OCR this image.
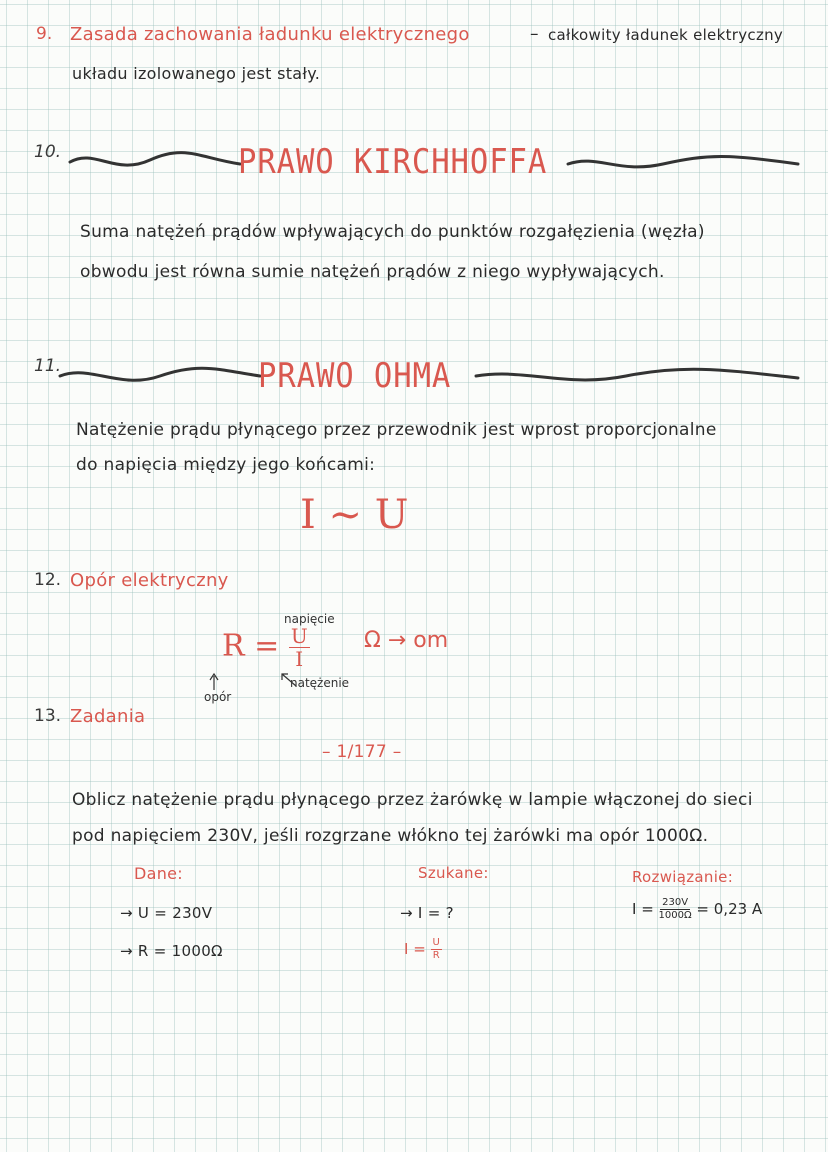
9. Zasada zachowania ładunku elektrycznego	– całkowity ładunek elektryczny
układu izolowanego jest stały.
10.	PRAWO KIRCHHOFFA
Suma natężeń prądów wpływających do punktów rozgałęzienia (węzła)
obwodu jest równa sumie natężeń prądów z niego wypływających.
11.	PRAWO OHMA
Natężenie prądu płynącego przez przewodnik jest wprost proporcjonalne
do napięcia między jego końcami:
I ∼ U
12. Opór elektryczny
$R = \frac{U}{I}$
napięcie
natężenie
opór
Ω → om
13. Zadania
– 1/177 –
Oblicz natężenie prądu płynącego przez żarówkę w lampie włączonej do sieci
pod napięciem 230V, jeśli rozgrzane włókno tej żarówki ma opór 1000Ω.
Dane:
→ U = 230V
→ R = 1000Ω
Szukane:
→ I = ?
$I = \frac{U}{R}$
Rozwiązanie:
$I = \frac{230V}{1000\Omega} = 0,23$ A
